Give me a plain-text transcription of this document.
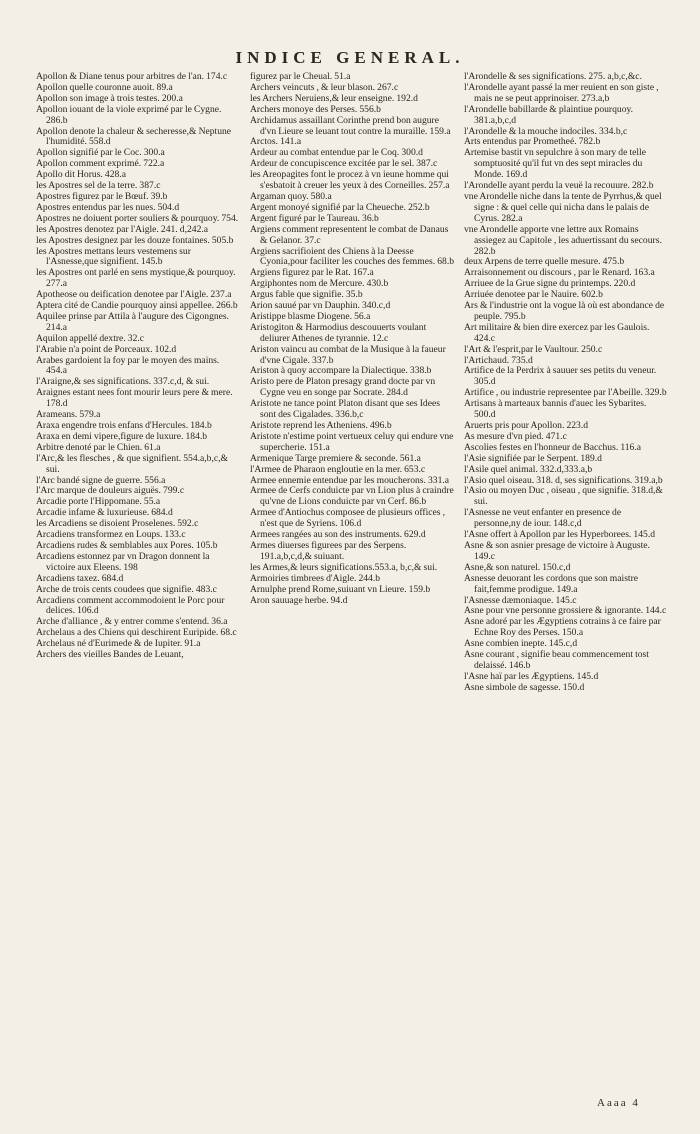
INDICE GENERAL.

Apollon & Diane tenus pour arbitres de l'an. 174.c

Apollon quelle couronne auoit. 89.a

Apollon son image à trois testes. 200.a

Apollon iouant de la viole exprimé par le Cygne. 286.b

Apollon denote la chaleur & secheresse,& Neptune l'humidité. 558.d

Apollon signifié par le Coc. 300.a

Apollon comment exprimé. 722.a

Apollo dit Horus. 428.a

les Apostres sel de la terre. 387.c

Apostres figurez par le Bœuf. 39.b

Apostres entendus par les nues. 504.d

Apostres ne doiuent porter souliers & pourquoy. 754.

les Apostres denotez par l'Aigle. 241. d,242.a

les Apostres designez par les douze fontaines. 505.b

les Apostres mettans leurs vestemens sur l'Asnesse,que signifient. 145.b

les Apostres ont parlé en sens mystique,& pourquoy. 277.a

Apotheose ou deification denotee par l'Aigle. 237.a

Aptera cité de Candie pourquoy ainsi appellee. 266.b

Aquilee prinse par Attila à l'augure des Cigongnes. 214.a

Aquilon appellé dextre. 32.c

l'Arabie n'a point de Porceaux. 102.d

Arabes gardoient la foy par le moyen des mains. 454.a

l'Araigne,& ses significations. 337.c,d, & sui.

Araignes estant nees font mourir leurs pere & mere. 178.d

Arameans. 579.a

Araxa engendre trois enfans d'Hercules. 184.b

Araxa en demi vipere,figure de luxure. 184.b

Arbitre denoté par le Chien. 61.a

l'Arc,& les flesches , & que signifient. 554.a,b,c,& sui.

l'Arc bandé signe de guerre. 556.a

l'Arc marque de douleurs aiguës. 799.c

Arcadie porte l'Hippomane. 55.a

Arcadie infame & luxurieuse. 684.d

les Arcadiens se disoient Proselenes. 592.c

Arcadiens transformez en Loups. 133.c

Arcadiens rudes & semblables aux Pores. 105.b

Arcadiens estonnez par vn Dragon donnent la victoire aux Eleens. 198

Arcadiens taxez. 684.d

Arche de trois cents coudees que signifie. 483.c

Arcadiens comment accommodoient le Porc pour delices. 106.d

Arche d'alliance , & y entrer comme s'entend. 36.a

Archelaus a des Chiens qui deschirent Euripide. 68.c

Archelaus né d'Eurimede & de Iupiter. 91.a

Archers des vieilles Bandes de Leuant,

figurez par le Cheual. 51.a

Archers veincuts , & leur blason. 267.c

les Archers Neruiens,& leur enseigne. 192.d

Archers monoye des Perses. 556.b

Archidamus assaillant Corinthe prend bon augure d'vn Lieure se leuant tout contre la muraille. 159.a

Arctos. 141.a

Ardeur au combat entendue par le Coq. 300.d

Ardeur de concupiscence excitée par le sel. 387.c

les Areopagites font le procez à vn ieune homme qui s'esbatoit à creuer les yeux à des Corneilles. 257.a

Argaman quoy. 580.a

Argent monoyé signifié par la Cheueche. 252.b

Argent figuré par le Taureau. 36.b

Argiens comment representent le combat de Danaus & Gelanor. 37.c

Argiens sacrifioient des Chiens à la Deesse Cyonia,pour faciliter les couches des femmes. 68.b

Argiens figurez par le Rat. 167.a

Argiphontes nom de Mercure. 430.b

Argus fable que signifie. 35.b

Arion sauué par vn Dauphin. 340.c,d

Aristippe blasme Diogene. 56.a

Aristogiton & Harmodius descouuerts voulant deliurer Athenes de tyrannie. 12.c

Ariston vaincu au combat de la Musique à la faueur d'vne Cigale. 337.b

Ariston à quoy accompare la Dialectique. 338.b

Aristo pere de Platon presagy grand docte par vn Cygne veu en songe par Socrate. 284.d

Aristote ne tance point Platon disant que ses Idees sont des Cigalades. 336.b,c

Aristote reprend les Atheniens. 496.b

Aristote n'estime point vertueux celuy qui endure vne supercherie. 151.a

Armenique Targe premiere & seconde. 561.a

l'Armee de Pharaon engloutie en la mer. 653.c

Armee ennemie entendue par les moucherons. 331.a

Armee de Cerfs conduicte par vn Lion plus à craindre qu'vne de Lions conduicte par vn Cerf. 86.b

Armee d'Antiochus composee de plusieurs offices , n'est que de Syriens. 106.d

Armees rangées au son des instruments. 629.d

Armes diuerses figurees par des Serpens. 191.a,b,c,d,& suiuant.

les Armes,& leurs significations.553.a, b,c,& sui.

Armoiries timbrees d'Aigle. 244.b

Arnulphe prend Rome,suiuant vn Lieure. 159.b

Aron sauuage herbe. 94.d

l'Arondelle & ses significations. 275. a,b,c,&c.

l'Arondelle ayant passé la mer reuient en son giste , mais ne se peut apprinoiser. 273.a,b

l'Arondelle babillarde & plaintiue pourquoy. 381.a,b,c,d

l'Arondelle & la mouche indociles. 334.b,c

Arts entendus par Prometheé. 782.b

Artemise bastit vn sepulchre à son mary de telle somptuosité qu'il fut vn des sept miracles du Monde. 169.d

l'Arondelle ayant perdu la veuë la recouure. 282.b

vne Arondelle niche dans la tente de Pyrrhus,& quel signe : & quel celle qui nicha dans le palais de Cyrus. 282.a

vne Arondelle apporte vne lettre aux Romains assiegez au Capitole , les aduertissant du secours. 282.b

deux Arpens de terre quelle mesure. 475.b

Arraisonnement ou discours , par le Renard. 163.a

Arriuee de la Grue signe du printemps. 220.d

Arriuée denotee par le Nauire. 602.b

Ars & l'industrie ont la vogue là où est abondance de peuple. 795.b

Art militaire & bien dire exercez par les Gaulois. 424.c

l'Art & l'esprit,par le Vaultour. 250.c

l'Artichaud. 735.d

Artifice de la Perdrix à sauuer ses petits du veneur. 305.d

Artifice , ou industrie representee par l'Abeille. 329.b

Artisans à marteaux bannis d'auec les Sybarites. 500.d

Aruerts pris pour Apollon. 223.d

As mesure d'vn pied. 471.c

Ascolies festes en l'honneur de Bacchus. 116.a

l'Asie signifiée par le Serpent. 189.d

l'Asile quel animal. 332.d,333.a,b

l'Asio quel oiseau. 318. d, ses significations. 319.a,b

l'Asio ou moyen Duc , oiseau , que signifie. 318.d,& sui.

l'Asnesse ne veut enfanter en presence de personne,ny de iour. 148.c,d

l'Asne offert à Apollon par les Hyperborees. 145.d

Asne & son asnier presage de victoire à Auguste. 149.c

Asne,& son naturel. 150.c,d

Asnesse deuorant les cordons que son maistre fait,femme prodigue. 149.a

l'Asnesse dæmoniaque. 145.c

Asne pour vne personne grossiere & ignorante. 144.c

Asne adoré par les Ægyptiens cotrains à ce faire par Echne Roy des Perses. 150.a

Asne combien inepte. 145.c,d

Asne courant , signifie beau commencement tost delaissé. 146.b

l'Asne haï par les Ægyptiens. 145.d

Asne simbole de sagesse. 150.d

Aaaa 4
